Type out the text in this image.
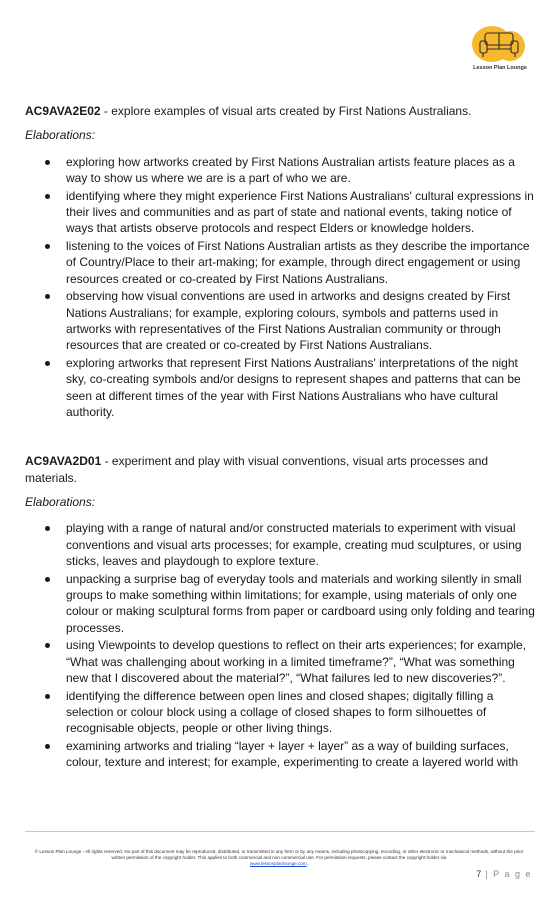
Lesson Plan Lounge

AC9AVA2E02 - explore examples of visual arts created by First Nations Australians.

Elaborations:

exploring how artworks created by First Nations Australian artists feature places as a way to show us where we are is a part of who we are.
identifying where they might experience First Nations Australians' cultural expressions in their lives and communities and as part of state and national events, taking notice of ways that artists observe protocols and respect Elders or knowledge holders.
listening to the voices of First Nations Australian artists as they describe the importance of Country/Place to their art-making; for example, through direct engagement or using resources created or co-created by First Nations Australians.
observing how visual conventions are used in artworks and designs created by First Nations Australians; for example, exploring colours, symbols and patterns used in artworks with representatives of the First Nations Australian community or through resources that are created or co-created by First Nations Australians.
exploring artworks that represent First Nations Australians' interpretations of the night sky, co-creating symbols and/or designs to represent shapes and patterns that can be seen at different times of the year with First Nations Australians who have cultural authority.

AC9AVA2D01 - experiment and play with visual conventions, visual arts processes and materials.

Elaborations:

playing with a range of natural and/or constructed materials to experiment with visual conventions and visual arts processes; for example, creating mud sculptures, or using sticks, leaves and playdough to explore texture.
unpacking a surprise bag of everyday tools and materials and working silently in small groups to make something within limitations; for example, using materials of only one colour or making sculptural forms from paper or cardboard using only folding and tearing processes.
using Viewpoints to develop questions to reflect on their arts experiences; for example, “What was challenging about working in a limited timeframe?”, “What was something new that I discovered about the material?”, “What failures led to new discoveries?”.
identifying the difference between open lines and closed shapes; digitally filling a selection or colour block using a collage of closed shapes to form silhouettes of recognisable objects, people or other living things.
examining artworks and trialing “layer + layer + layer” as a way of building surfaces, colour, texture and interest; for example, experimenting to create a layered world with
© Lesson Plan Lounge - All rights reserved. No part of this document may be reproduced, distributed, or transmitted in any form or by any means, including photocopying, recording, or other electronic or mechanical methods, without the prior written permission of the copyright holder. This applies to both commercial and non-commercial use. For permission requests, please contact the copyright holder via
www.lessonplanlounge.com.
7 | P a g e
